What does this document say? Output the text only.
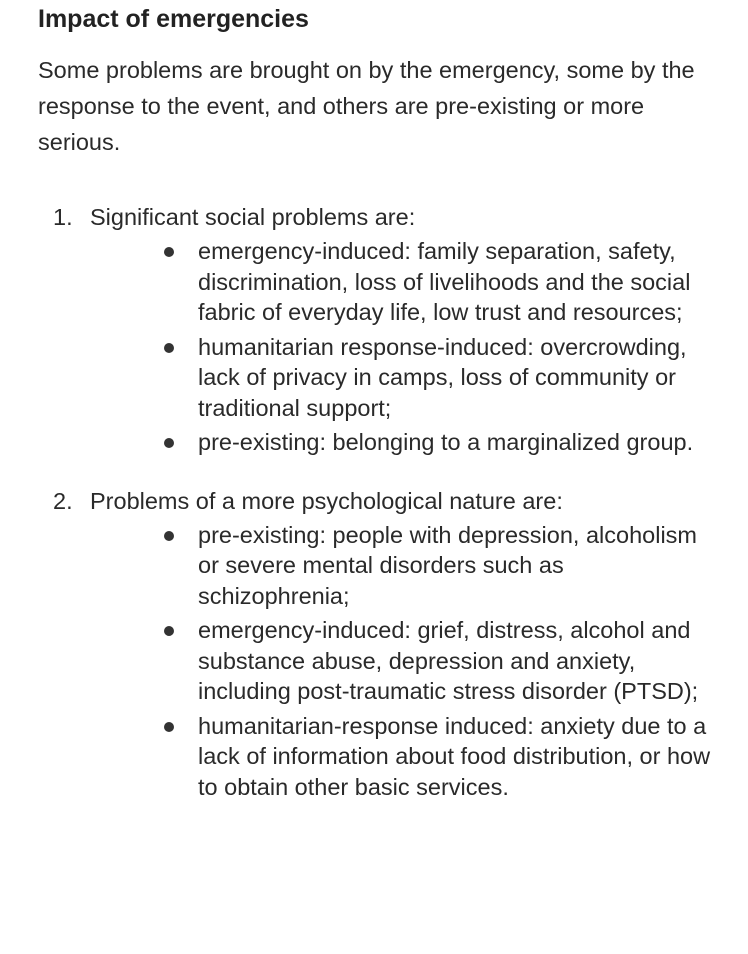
Impact of emergencies

Some problems are brought on by the emergency, some by the response to the event, and others are pre-existing or more serious.

1. Significant social problems are:
emergency-induced: family separation, safety, discrimination, loss of livelihoods and the social fabric of everyday life, low trust and resources;
humanitarian response-induced: overcrowding, lack of privacy in camps, loss of community or traditional support;
pre-existing: belonging to a marginalized group.
2. Problems of a more psychological nature are:
pre-existing: people with depression, alcoholism or severe mental disorders such as schizophrenia;
emergency-induced: grief, distress, alcohol and substance abuse, depression and anxiety, including post-traumatic stress disorder (PTSD);
humanitarian-response induced: anxiety due to a lack of information about food distribution, or how to obtain other basic services.
